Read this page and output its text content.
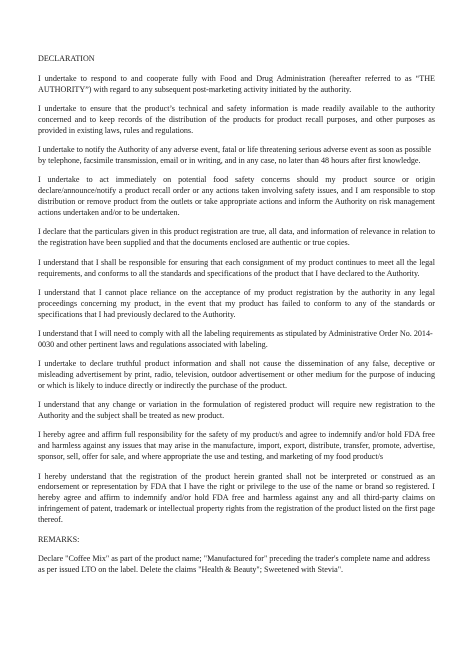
DECLARATION

I undertake to respond to and cooperate fully with Food and Drug Administration (hereafter referred to as “THE AUTHORITY”) with regard to any subsequent post-marketing activity initiated by the authority.

I undertake to ensure that the product’s technical and safety information is made readily available to the authority concerned and to keep records of the distribution of the products for product recall purposes, and other purposes as provided in existing laws, rules and regulations.

I undertake to notify the Authority of any adverse event, fatal or life threatening serious adverse event as soon as possible by telephone, facsimile transmission, email or in writing, and in any case, no later than 48 hours after first knowledge.

I undertake to act immediately on potential food safety concerns should my product source or origin declare/announce/notify a product recall order or any actions taken involving safety issues, and I am responsible to stop distribution or remove product from the outlets or take appropriate actions and inform the Authority on risk management actions undertaken and/or to be undertaken.

I declare that the particulars given in this product registration are true, all data, and information of relevance in relation to the registration have been supplied and that the documents enclosed are authentic or true copies.

I understand that I shall be responsible for ensuring that each consignment of my product continues to meet all the legal requirements, and conforms to all the standards and specifications of the product that I have declared to the Authority.

I understand that I cannot place reliance on the acceptance of my product registration by the authority in any legal proceedings concerning my product, in the event that my product has failed to conform to any of the standards or specifications that I had previously declared to the Authority.

I understand that I will need to comply with all the labeling requirements as stipulated by Administrative Order No. 2014-0030 and other pertinent laws and regulations associated with labeling.

I undertake to declare truthful product information and shall not cause the dissemination of any false, deceptive or misleading advertisement by print, radio, television, outdoor advertisement or other medium for the purpose of inducing or which is likely to induce directly or indirectly the purchase of the product.

I understand that any change or variation in the formulation of registered product will require new registration to the Authority and the subject shall be treated as new product.

I hereby agree and affirm full responsibility for the safety of my product/s and agree to indemnify and/or hold FDA free and harmless against any issues that may arise in the manufacture, import, export, distribute, transfer, promote, advertise, sponsor, sell, offer for sale, and where appropriate the use and testing, and marketing of my food product/s

I hereby understand that the registration of the product herein granted shall not be interpreted or construed as an endorsement or representation by FDA that I have the right or privilege to the use of the name or brand so registered. I hereby agree and affirm to indemnify and/or hold FDA free and harmless against any and all third-party claims on infringement of patent, trademark or intellectual property rights from the registration of the product listed on the first page thereof.

REMARKS:

Declare "Coffee Mix" as part of the product name; "Manufactured for" preceding the trader's complete name and address as per issued LTO on the label. Delete the claims "Health & Beauty"; Sweetened with Stevia".
